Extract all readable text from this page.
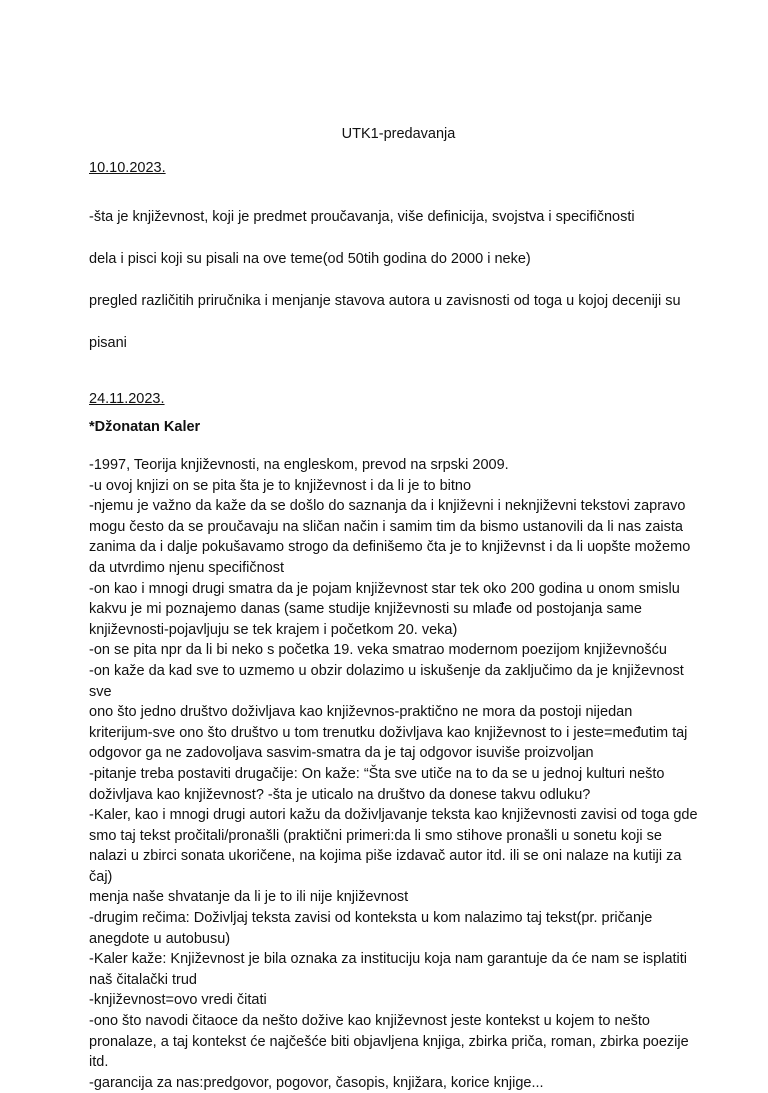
UTK1-predavanja
10.10.2023.

-šta je književnost, koji je predmet proučavanja, više definicija, svojstva i specifičnosti

dela i pisci koji su pisali na ove teme(od 50tih godina do 2000 i neke)

pregled različitih priručnika i menjanje stavova autora u zavisnosti od toga u kojoj deceniji su

pisani

24.11.2023.
*Džonatan Kaler
-1997, Teorija književnosti, na engleskom, prevod na srpski 2009.
-u ovoj knjizi on se pita šta je to književnost i da li je to bitno
-njemu je važno da kaže da se došlo do saznanja da i književni i neknjiževni tekstovi zapravo
mogu često da se proučavaju na sličan način i samim tim da bismo ustanovili da li nas zaista
zanima da i dalje pokušavamo strogo da definišemo čta je to književnst i da li uopšte možemo
da utvrdimo njenu specifičnost
-on kao i mnogi drugi smatra da je pojam književnost star tek oko 200 godina u onom smislu
kakvu je mi poznajemo danas (same studije književnosti su mlađe od postojanja same
književnosti-pojavljuju se tek krajem i početkom 20. veka)
-on se pita npr da li bi neko s početka 19. veka smatrao modernom poezijom književnošću
-on kaže da kad sve to uzmemo u obzir dolazimo u iskušenje da zaključimo da je književnost sve
ono što jedno društvo doživljava kao književnos-praktično ne mora da postoji nijedan
kriterijum-sve ono što društvo u tom trenutku doživljava kao književnost to i jeste=međutim taj
odgovor ga ne zadovoljava sasvim-smatra da je taj odgovor isuviše proizvoljan
-pitanje treba postaviti drugačije: On kaže: “Šta sve utiče na to da se u jednoj kulturi nešto
doživljava kao književnost? -šta je uticalo na društvo da donese takvu odluku?
-Kaler, kao i mnogi drugi autori kažu da doživljavanje teksta kao književnosti zavisi od toga gde
smo taj tekst pročitali/pronašli (praktični primeri:da li smo stihove pronašli u sonetu koji se
nalazi u zbirci sonata ukoričene, na kojima piše izdavač autor itd. ili se oni nalaze na kutiji za čaj)
menja naše shvatanje da li je to ili nije književnost
-drugim rečima: Doživljaj teksta zavisi od konteksta u kom nalazimo taj tekst(pr. pričanje
anegdote u autobusu)
-Kaler kaže: Književnost je bila oznaka za instituciju koja nam garantuje da će nam se isplatiti
naš čitalački trud
-književnost=ovo vredi čitati
-ono što navodi čitaoce da nešto dožive kao književnost jeste kontekst u kojem to nešto
pronalaze, a taj kontekst će najčešće biti objavljena knjiga, zbirka priča, roman, zbirka poezije
itd.
-garancija za nas:predgovor, pogovor, časopis, knjižara, korice knjige...
